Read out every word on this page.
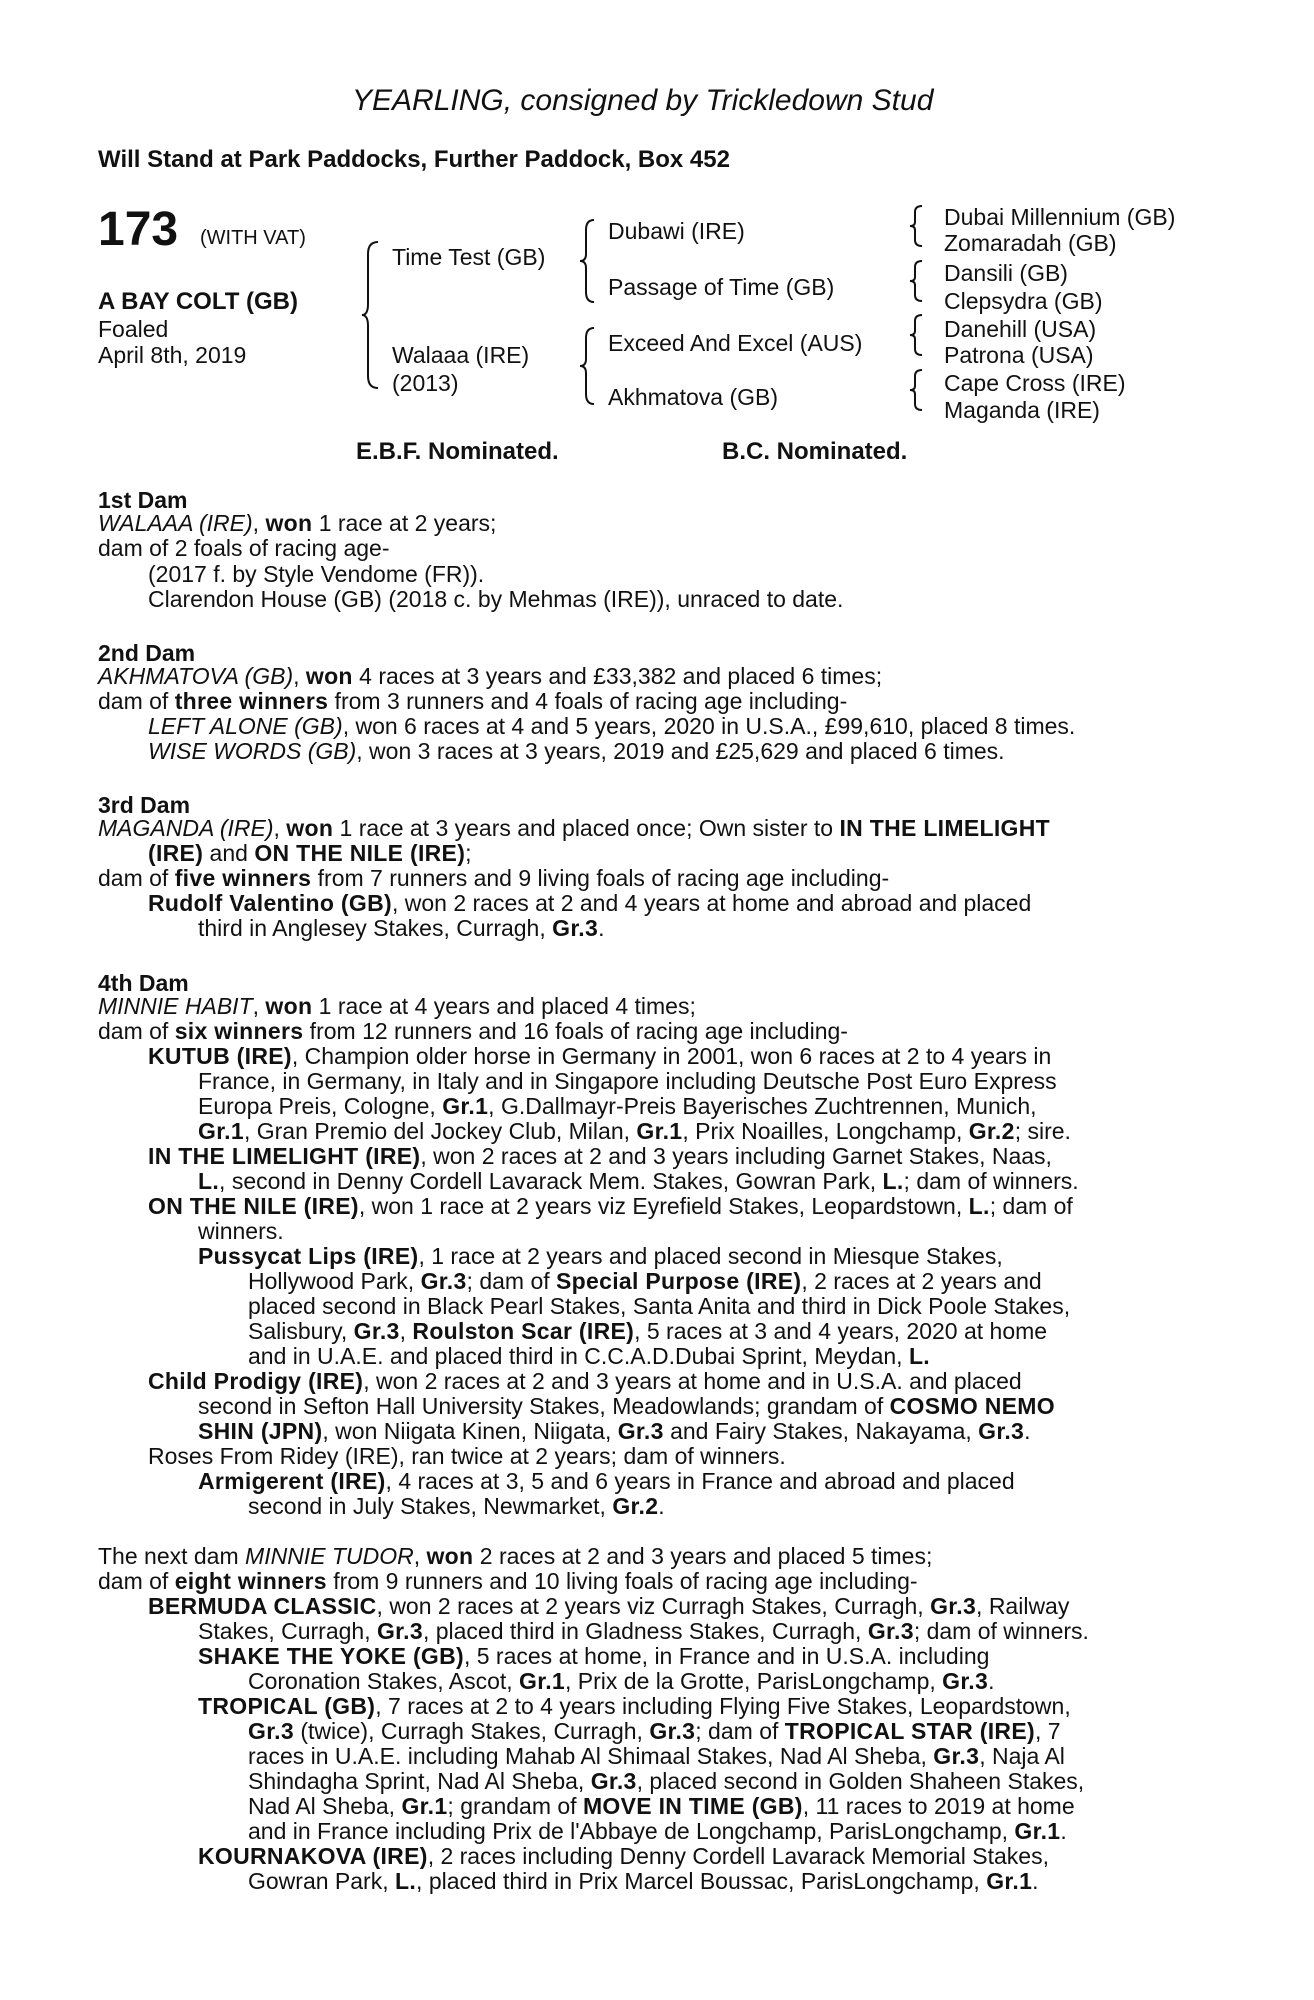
YEARLING, consigned by Trickledown Stud
Will Stand at Park Paddocks, Further Paddock, Box 452
173 (WITH VAT)
A BAY COLT (GB)
Foaled
April 8th, 2019
Time Test (GB)
Walaaa (IRE)
(2013)
Dubawi (IRE)
Passage of Time (GB)
Exceed And Excel (AUS)
Akhmatova (GB)
Dubai Millennium (GB)
Zomaradah (GB)
Dansili (GB)
Clepsydra (GB)
Danehill (USA)
Patrona (USA)
Cape Cross (IRE)
Maganda (IRE)
E.B.F. Nominated.	B.C. Nominated.
1st Dam
WALAAA (IRE), won 1 race at 2 years;
dam of 2 foals of racing age-
(2017 f. by Style Vendome (FR)).
Clarendon House (GB) (2018 c. by Mehmas (IRE)), unraced to date.
2nd Dam
AKHMATOVA (GB), won 4 races at 3 years and £33,382 and placed 6 times;
dam of three winners from 3 runners and 4 foals of racing age including-
LEFT ALONE (GB), won 6 races at 4 and 5 years, 2020 in U.S.A., £99,610, placed 8 times.
WISE WORDS (GB), won 3 races at 3 years, 2019 and £25,629 and placed 6 times.
3rd Dam
MAGANDA (IRE), won 1 race at 3 years and placed once; Own sister to IN THE LIMELIGHT
(IRE) and ON THE NILE (IRE);
dam of five winners from 7 runners and 9 living foals of racing age including-
Rudolf Valentino (GB), won 2 races at 2 and 4 years at home and abroad and placed
third in Anglesey Stakes, Curragh, Gr.3.
4th Dam
MINNIE HABIT, won 1 race at 4 years and placed 4 times;
dam of six winners from 12 runners and 16 foals of racing age including-
KUTUB (IRE), Champion older horse in Germany in 2001, won 6 races at 2 to 4 years in
France, in Germany, in Italy and in Singapore including Deutsche Post Euro Express
Europa Preis, Cologne, Gr.1, G.Dallmayr-Preis Bayerisches Zuchtrennen, Munich,
Gr.1, Gran Premio del Jockey Club, Milan, Gr.1, Prix Noailles, Longchamp, Gr.2; sire.
IN THE LIMELIGHT (IRE), won 2 races at 2 and 3 years including Garnet Stakes, Naas,
L., second in Denny Cordell Lavarack Mem. Stakes, Gowran Park, L.; dam of winners.
ON THE NILE (IRE), won 1 race at 2 years viz Eyrefield Stakes, Leopardstown, L.; dam of
winners.
Pussycat Lips (IRE), 1 race at 2 years and placed second in Miesque Stakes,
Hollywood Park, Gr.3; dam of Special Purpose (IRE), 2 races at 2 years and
placed second in Black Pearl Stakes, Santa Anita and third in Dick Poole Stakes,
Salisbury, Gr.3, Roulston Scar (IRE), 5 races at 3 and 4 years, 2020 at home
and in U.A.E. and placed third in C.C.A.D.Dubai Sprint, Meydan, L.
Child Prodigy (IRE), won 2 races at 2 and 3 years at home and in U.S.A. and placed
second in Sefton Hall University Stakes, Meadowlands; grandam of COSMO NEMO
SHIN (JPN), won Niigata Kinen, Niigata, Gr.3 and Fairy Stakes, Nakayama, Gr.3.
Roses From Ridey (IRE), ran twice at 2 years; dam of winners.
Armigerent (IRE), 4 races at 3, 5 and 6 years in France and abroad and placed
second in July Stakes, Newmarket, Gr.2.
The next dam MINNIE TUDOR, won 2 races at 2 and 3 years and placed 5 times;
dam of eight winners from 9 runners and 10 living foals of racing age including-
BERMUDA CLASSIC, won 2 races at 2 years viz Curragh Stakes, Curragh, Gr.3, Railway
Stakes, Curragh, Gr.3, placed third in Gladness Stakes, Curragh, Gr.3; dam of winners.
SHAKE THE YOKE (GB), 5 races at home, in France and in U.S.A. including
Coronation Stakes, Ascot, Gr.1, Prix de la Grotte, ParisLongchamp, Gr.3.
TROPICAL (GB), 7 races at 2 to 4 years including Flying Five Stakes, Leopardstown,
Gr.3 (twice), Curragh Stakes, Curragh, Gr.3; dam of TROPICAL STAR (IRE), 7
races in U.A.E. including Mahab Al Shimaal Stakes, Nad Al Sheba, Gr.3, Naja Al
Shindagha Sprint, Nad Al Sheba, Gr.3, placed second in Golden Shaheen Stakes,
Nad Al Sheba, Gr.1; grandam of MOVE IN TIME (GB), 11 races to 2019 at home
and in France including Prix de l'Abbaye de Longchamp, ParisLongchamp, Gr.1.
KOURNAKOVA (IRE), 2 races including Denny Cordell Lavarack Memorial Stakes,
Gowran Park, L., placed third in Prix Marcel Boussac, ParisLongchamp, Gr.1.
